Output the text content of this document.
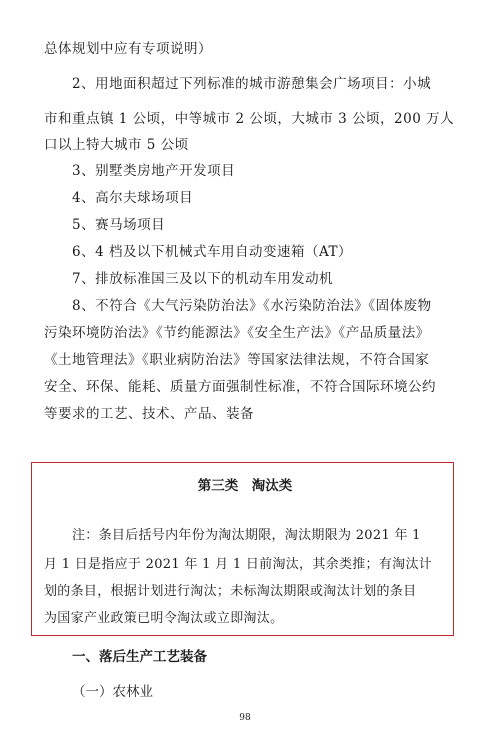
总体规划中应有专项说明）
2、用地面积超过下列标准的城市游憩集会广场项目：小城
市和重点镇 1 公顷，中等城市 2 公顷，大城市 3 公顷，200 万人
口以上特大城市 5 公顷
3、别墅类房地产开发项目
4、高尔夫球场项目
5、赛马场项目
6、4 档及以下机械式车用自动变速箱（AT）
7、排放标准国三及以下的机动车用发动机
8、不符合《大气污染防治法》《水污染防治法》《固体废物
污染环境防治法》《节约能源法》《安全生产法》《产品质量法》
《土地管理法》《职业病防治法》等国家法律法规，不符合国家
安全、环保、能耗、质量方面强制性标准，不符合国际环境公约
等要求的工艺、技术、产品、装备
第三类　淘汰类
注：条目后括号内年份为淘汰期限，淘汰期限为 2021 年 1
月 1 日是指应于 2021 年 1 月 1 日前淘汰，其余类推；有淘汰计
划的条目，根据计划进行淘汰；未标淘汰期限或淘汰计划的条目
为国家产业政策已明令淘汰或立即淘汰。
一、落后生产工艺装备
（一）农林业
98
